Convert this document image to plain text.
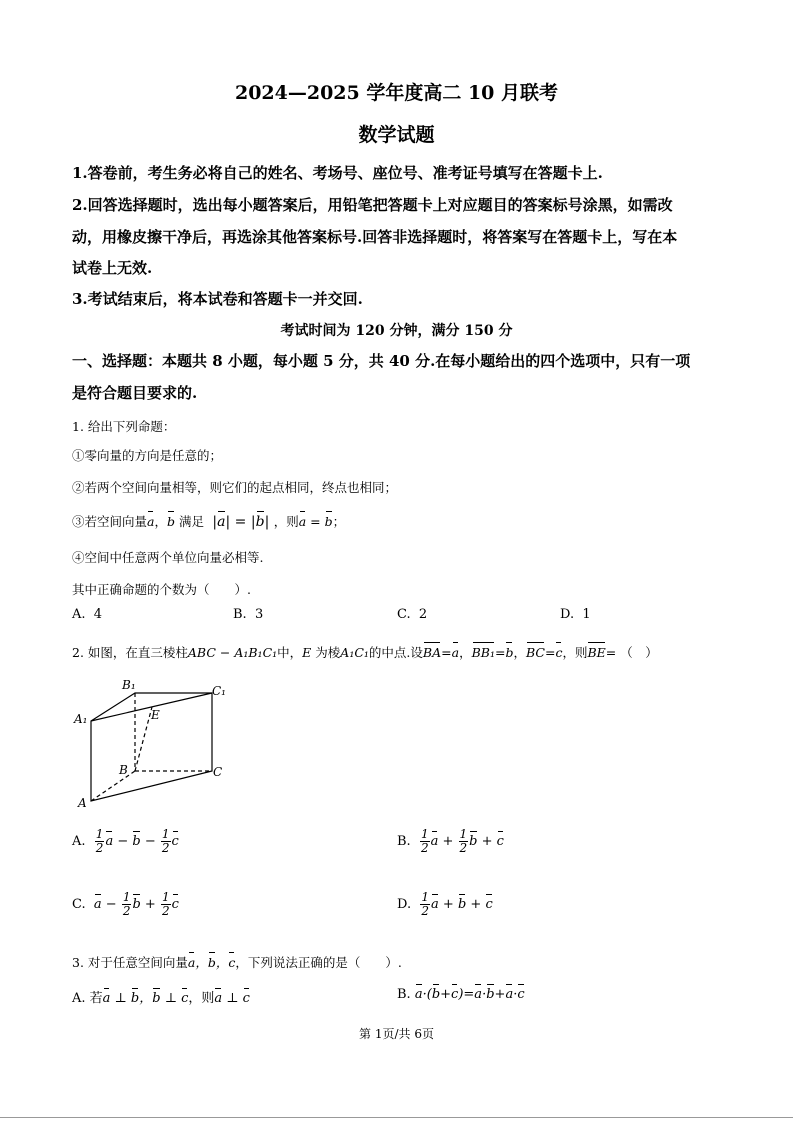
2024—2025 学年度高二 10 月联考
数学试题
1.答卷前，考生务必将自己的姓名、考场号、座位号、准考证号填写在答题卡上.
2.回答选择题时，选出每小题答案后，用铅笔把答题卡上对应题目的答案标号涂黑，如需改
动，用橡皮擦干净后，再选涂其他答案标号.回答非选择题时，将答案写在答题卡上，写在本
试卷上无效.
3.考试结束后，将本试卷和答题卡一并交回.
考试时间为 120 分钟，满分 150 分
一、选择题：本题共 8 小题，每小题 5 分，共 40 分.在每小题给出的四个选项中，只有一项
是符合题目要求的.
1. 给出下列命题：
①零向量的方向是任意的；
②若两个空间向量相等，则它们的起点相同，终点也相同；
③若空间向量a，b 满足  |a| = |b| ，则a = b；
④空间中任意两个单位向量必相等.
其中正确命题的个数为（　　）.
A. 4	B. 3	C. 2	D. 1
2. 如图，在直三棱柱ABC − A₁B₁C₁中，E 为棱A₁C₁的中点.设BA=a，BB₁=b，BC=c，则BE= （　）
B₁	C₁
A₁	E
B	C
A
A. $\frac{1}{2}$ $a - b - \frac{1}{2}$ c	B. $\frac{1}{2}$ $a + \frac{1}{2}$ b + c
C. $a - \frac{1}{2}$ $b + \frac{1}{2}$ c	D. $\frac{1}{2}$ a + b + c
3. 对于任意空间向量a，b，c，下列说法正确的是（　　）.
A. 若a ⊥ b，b ⊥ c，则a ⊥ c	B. a·(b+c)=a·b+a·c
第 1页/共 6页
